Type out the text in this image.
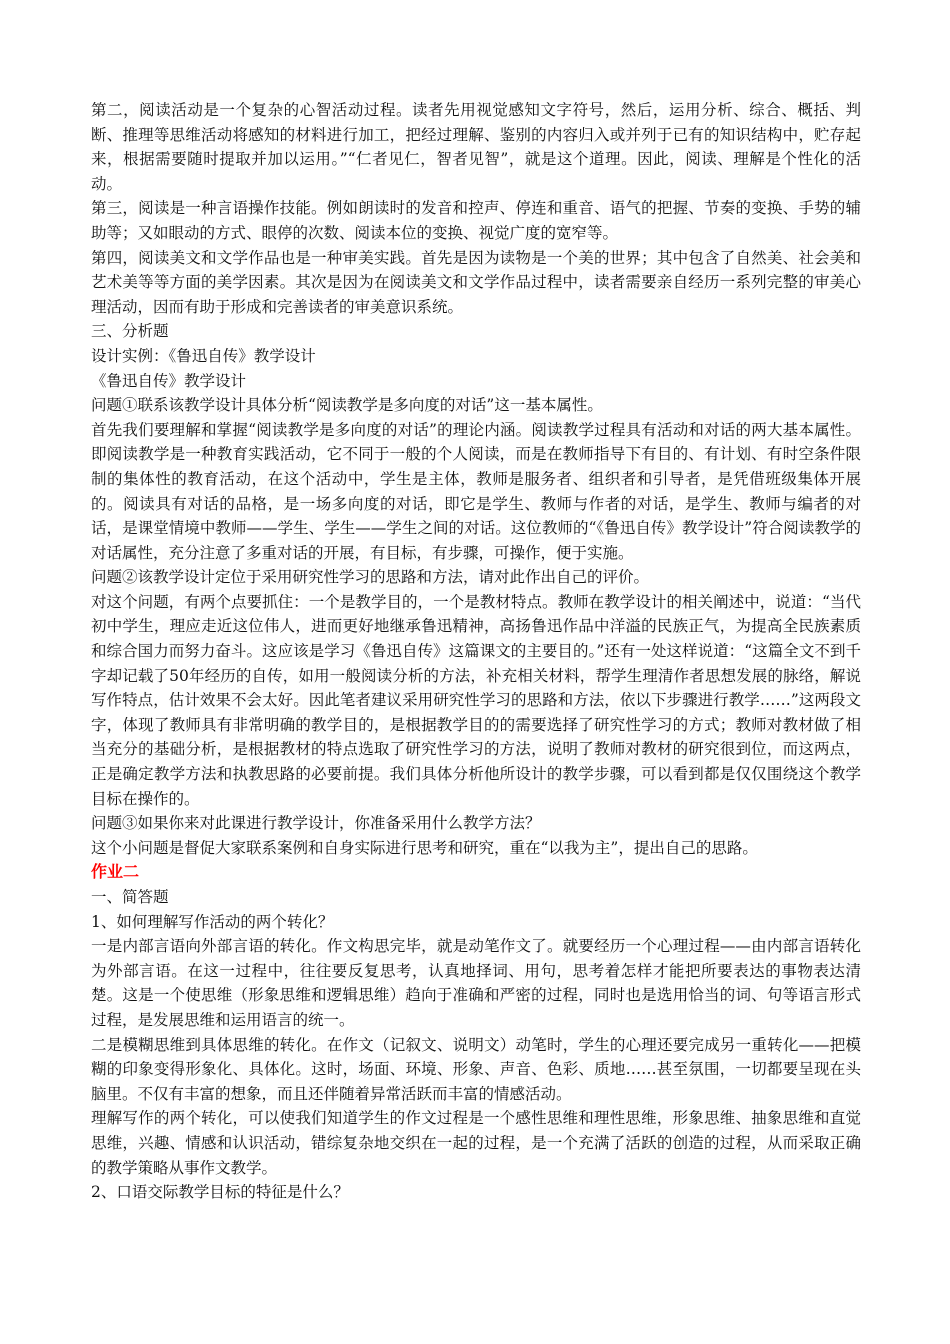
第二，阅读活动是一个复杂的心智活动过程。读者先用视觉感知文字符号，然后，运用分析、综合、概括、判断、推理等思维活动将感知的材料进行加工，把经过理解、鉴别的内容归入或并列于已有的知识结构中，贮存起来，根据需要随时提取并加以运用。”“仁者见仁，智者见智”，就是这个道理。因此，阅读、理解是个性化的活动。

第三，阅读是一种言语操作技能。例如朗读时的发音和控声、停连和重音、语气的把握、节奏的变换、手势的辅助等；又如眼动的方式、眼停的次数、阅读本位的变换、视觉广度的宽窄等。

第四，阅读美文和文学作品也是一种审美实践。首先是因为读物是一个美的世界；其中包含了自然美、社会美和艺术美等等方面的美学因素。其次是因为在阅读美文和文学作品过程中，读者需要亲自经历一系列完整的审美心理活动，因而有助于形成和完善读者的审美意识系统。

三、分析题

设计实例：《鲁迅自传》教学设计

《鲁迅自传》教学设计

问题①联系该教学设计具体分析“阅读教学是多向度的对话”这一基本属性。

首先我们要理解和掌握“阅读教学是多向度的对话”的理论内涵。阅读教学过程具有活动和对话的两大基本属性。即阅读教学是一种教育实践活动，它不同于一般的个人阅读，而是在教师指导下有目的、有计划、有时空条件限制的集体性的教育活动，在这个活动中，学生是主体，教师是服务者、组织者和引导者，是凭借班级集体开展的。阅读具有对话的品格，是一场多向度的对话，即它是学生、教师与作者的对话，是学生、教师与编者的对话，是课堂情境中教师——学生、学生——学生之间的对话。这位教师的“《鲁迅自传》教学设计”符合阅读教学的对话属性，充分注意了多重对话的开展，有目标，有步骤，可操作，便于实施。

问题②该教学设计定位于采用研究性学习的思路和方法，请对此作出自己的评价。

对这个问题，有两个点要抓住：一个是教学目的，一个是教材特点。教师在教学设计的相关阐述中，说道：“当代初中学生，理应走近这位伟人，进而更好地继承鲁迅精神，高扬鲁迅作品中洋溢的民族正气，为提高全民族素质和综合国力而努力奋斗。这应该是学习《鲁迅自传》这篇课文的主要目的。”还有一处这样说道：“这篇全文不到千字却记载了50年经历的自传，如用一般阅读分析的方法，补充相关材料，帮学生理清作者思想发展的脉络，解说写作特点，估计效果不会太好。因此笔者建议采用研究性学习的思路和方法，依以下步骤进行教学……”这两段文字，体现了教师具有非常明确的教学目的，是根据教学目的的需要选择了研究性学习的方式；教师对教材做了相当充分的基础分析，是根据教材的特点选取了研究性学习的方法，说明了教师对教材的研究很到位，而这两点，正是确定教学方法和执教思路的必要前提。我们具体分析他所设计的教学步骤，可以看到都是仅仅围绕这个教学目标在操作的。

问题③如果你来对此课进行教学设计，你准备采用什么教学方法？

这个小问题是督促大家联系案例和自身实际进行思考和研究，重在“以我为主”，提出自己的思路。

作业二

一、简答题

1、如何理解写作活动的两个转化？

一是内部言语向外部言语的转化。作文构思完毕，就是动笔作文了。就要经历一个心理过程——由内部言语转化为外部言语。在这一过程中，往往要反复思考，认真地择词、用句，思考着怎样才能把所要表达的事物表达清楚。这是一个使思维（形象思维和逻辑思维）趋向于准确和严密的过程，同时也是选用恰当的词、句等语言形式过程，是发展思维和运用语言的统一。

二是模糊思维到具体思维的转化。在作文（记叙文、说明文）动笔时，学生的心理还要完成另一重转化——把模糊的印象变得形象化、具体化。这时，场面、环境、形象、声音、色彩、质地……甚至氛围，一切都要呈现在头脑里。不仅有丰富的想象，而且还伴随着异常活跃而丰富的情感活动。

理解写作的两个转化，可以使我们知道学生的作文过程是一个感性思维和理性思维，形象思维、抽象思维和直觉思维，兴趣、情感和认识活动，错综复杂地交织在一起的过程，是一个充满了活跃的创造的过程，从而采取正确的教学策略从事作文教学。

2、口语交际教学目标的特征是什么？
